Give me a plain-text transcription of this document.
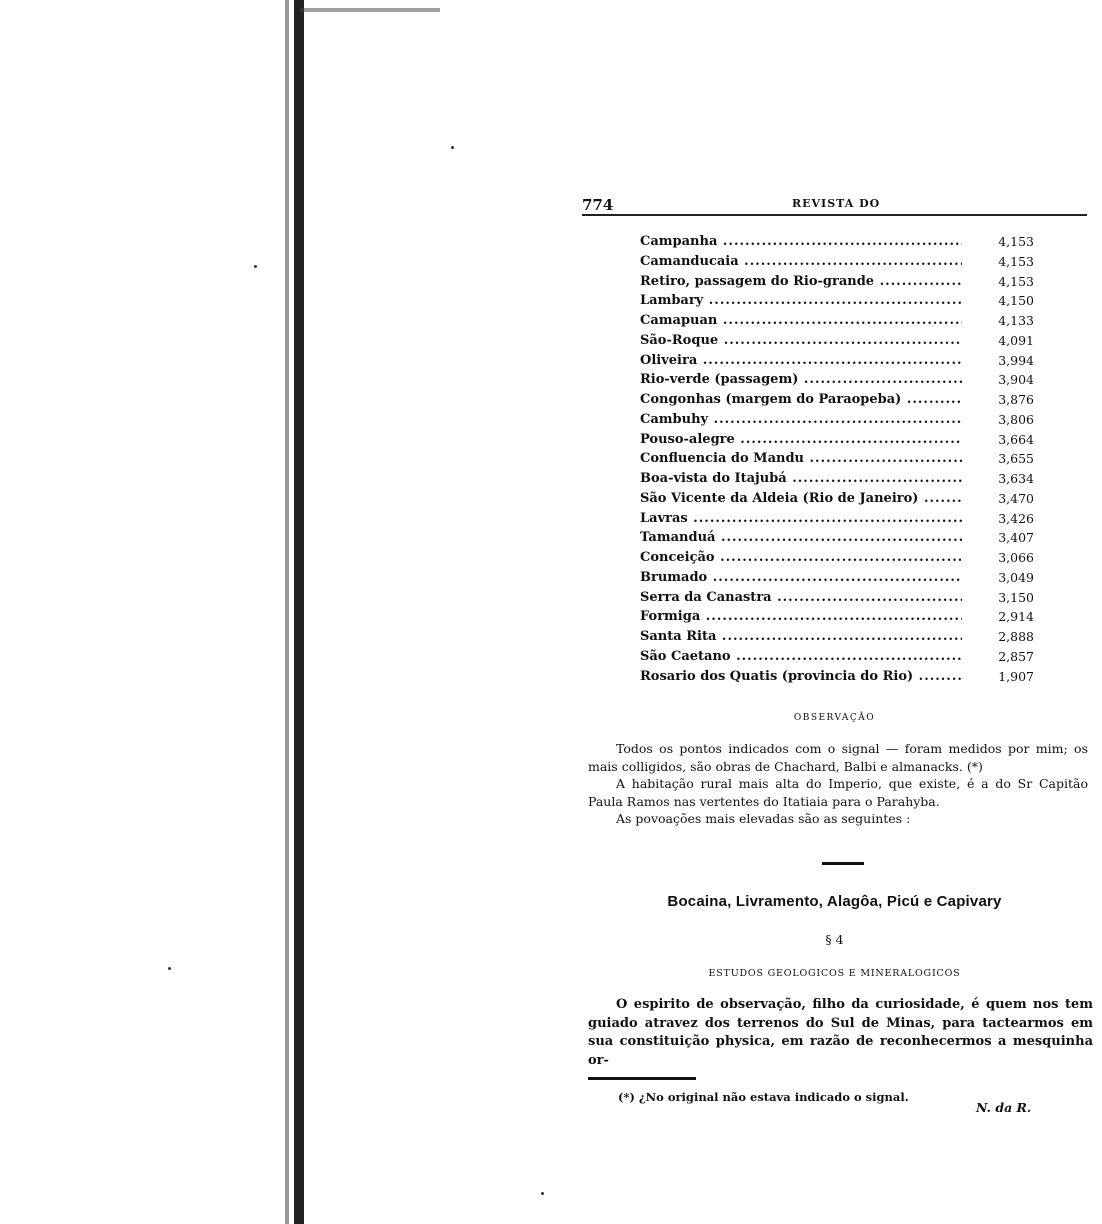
774	REVISTA DO
Campanha .....	4,153
Camanducaia .....	4,153
Retiro, passagem do Rio-grande .....	4,153
Lambary .....	4,150
Camapuan .....	4,133
São-Roque .....	4,091
Oliveira .....	3,994
Rio-verde (passagem) .....	3,904
Congonhas (margem do Paraopeba) .....	3,876
Cambuhy .....	3,806
Pouso-alegre .....	3,664
Confluencia do Mandu .....	3,655
Boa-vista do Itajubá .....	3,634
São Vicente da Aldeia (Rio de Janeiro) .....	3,470
Lavras .....	3,426
Tamanduá .....	3,407
Conceição .....	3,066
Brumado .....	3,049
Serra da Canastra .....	3,150
Formiga .....	2,914
Santa Rita .....	2,888
São Caetano .....	2,857
Rosario dos Quatis (provincia do Rio) .....	1,907
OBSERVAÇÃO

Todos os pontos indicados com o signal — foram medidos por mim; os mais colligidos, são obras de Chachard, Balbi e almanacks. (*)

A habitação rural mais alta do Imperio, que existe, é a do Sr Capitão Paula Ramos nas vertentes do Itatiaia para o Parahyba.

As povoações mais elevadas são as seguintes :

Bocaina, Livramento, Alagôa, Picú e Capivary
§ 4
ESTUDOS GEOLOGICOS E MINERALOGICOS

O espirito de observação, filho da curiosidade, é quem nos tem guiado atravez dos terrenos do Sul de Minas, para tactearmos em sua constituição physica, em razão de reconhecermos a mesquinha or-

(*) ¿No original não estava indicado o signal.
N. da R.
